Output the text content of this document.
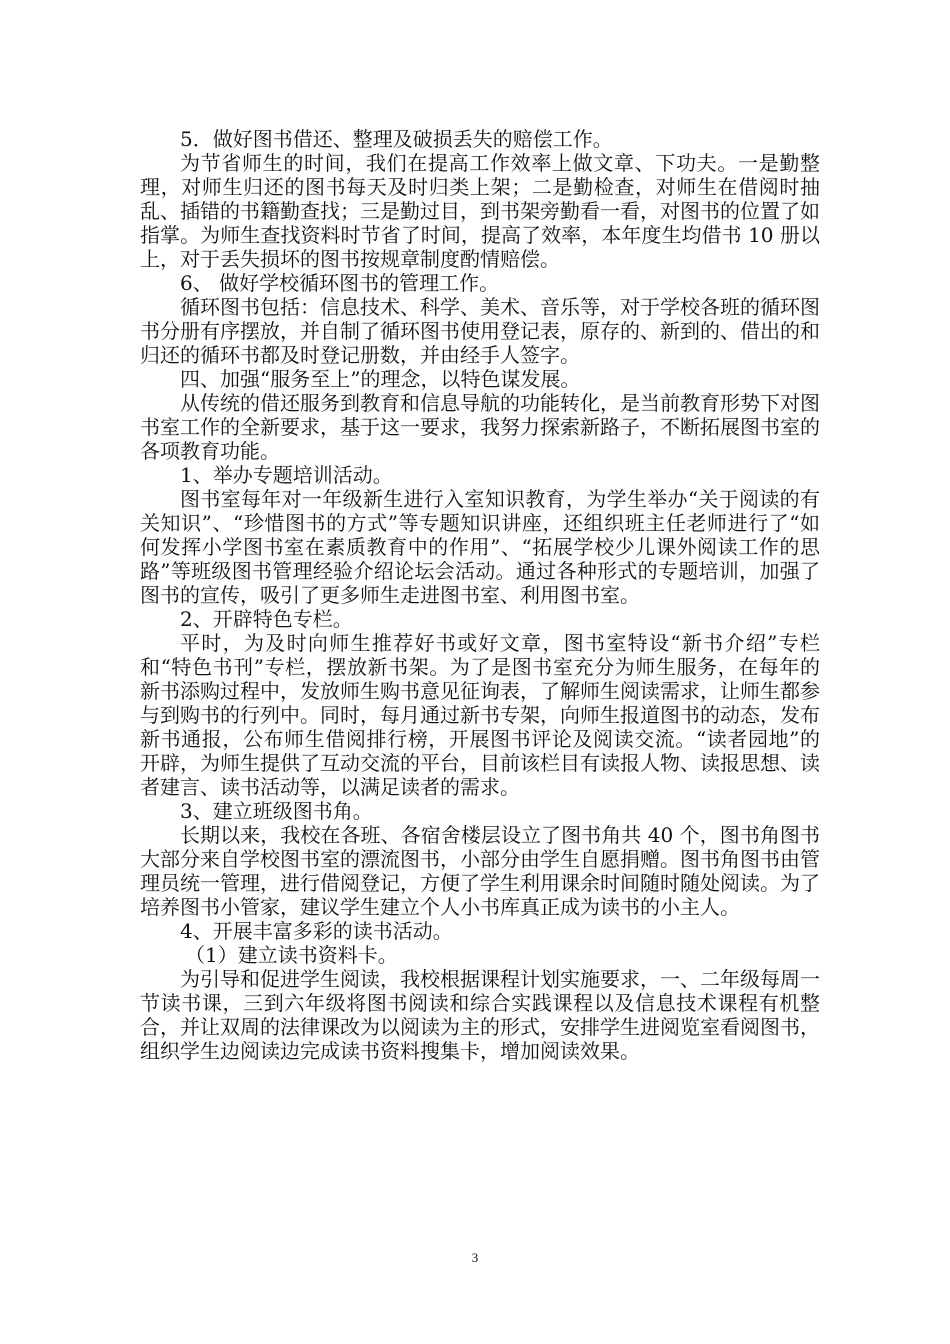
5．做好图书借还、整理及破损丢失的赔偿工作。

为节省师生的时间，我们在提高工作效率上做文章、下功夫。一是勤整理，对师生归还的图书每天及时归类上架；二是勤检查，对师生在借阅时抽乱、插错的书籍勤查找；三是勤过目，到书架旁勤看一看，对图书的位置了如指掌。为师生查找资料时节省了时间，提高了效率，本年度生均借书 10 册以上，对于丢失损坏的图书按规章制度酌情赔偿。

6、 做好学校循环图书的管理工作。

循环图书包括：信息技术、科学、美术、音乐等，对于学校各班的循环图书分册有序摆放，并自制了循环图书使用登记表，原存的、新到的、借出的和归还的循环书都及时登记册数，并由经手人签字。

四、加强“服务至上”的理念，以特色谋发展。

从传统的借还服务到教育和信息导航的功能转化，是当前教育形势下对图书室工作的全新要求，基于这一要求，我努力探索新路子，不断拓展图书室的各项教育功能。

1、举办专题培训活动。

图书室每年对一年级新生进行入室知识教育，为学生举办“关于阅读的有关知识”、“珍惜图书的方式”等专题知识讲座，还组织班主任老师进行了“如何发挥小学图书室在素质教育中的作用”、“拓展学校少儿课外阅读工作的思路”等班级图书管理经验介绍论坛会活动。通过各种形式的专题培训，加强了图书的宣传，吸引了更多师生走进图书室、利用图书室。

2、开辟特色专栏。

平时，为及时向师生推荐好书或好文章，图书室特设“新书介绍”专栏和“特色书刊”专栏，摆放新书架。为了是图书室充分为师生服务，在每年的新书添购过程中，发放师生购书意见征询表，了解师生阅读需求，让师生都参与到购书的行列中。同时，每月通过新书专架，向师生报道图书的动态，发布新书通报，公布师生借阅排行榜，开展图书评论及阅读交流。“读者园地”的开辟，为师生提供了互动交流的平台，目前该栏目有读报人物、读报思想、读者建言、读书活动等，以满足读者的需求。

3、建立班级图书角。

长期以来，我校在各班、各宿舍楼层设立了图书角共 40 个，图书角图书大部分来自学校图书室的漂流图书，小部分由学生自愿捐赠。图书角图书由管理员统一管理，进行借阅登记，方便了学生利用课余时间随时随处阅读。为了培养图书小管家，建议学生建立个人小书库真正成为读书的小主人。

4、开展丰富多彩的读书活动。

（1）建立读书资料卡。

为引导和促进学生阅读，我校根据课程计划实施要求，一、二年级每周一节读书课，三到六年级将图书阅读和综合实践课程以及信息技术课程有机整合，并让双周的法律课改为以阅读为主的形式，安排学生进阅览室看阅图书，组织学生边阅读边完成读书资料搜集卡，增加阅读效果。

3
